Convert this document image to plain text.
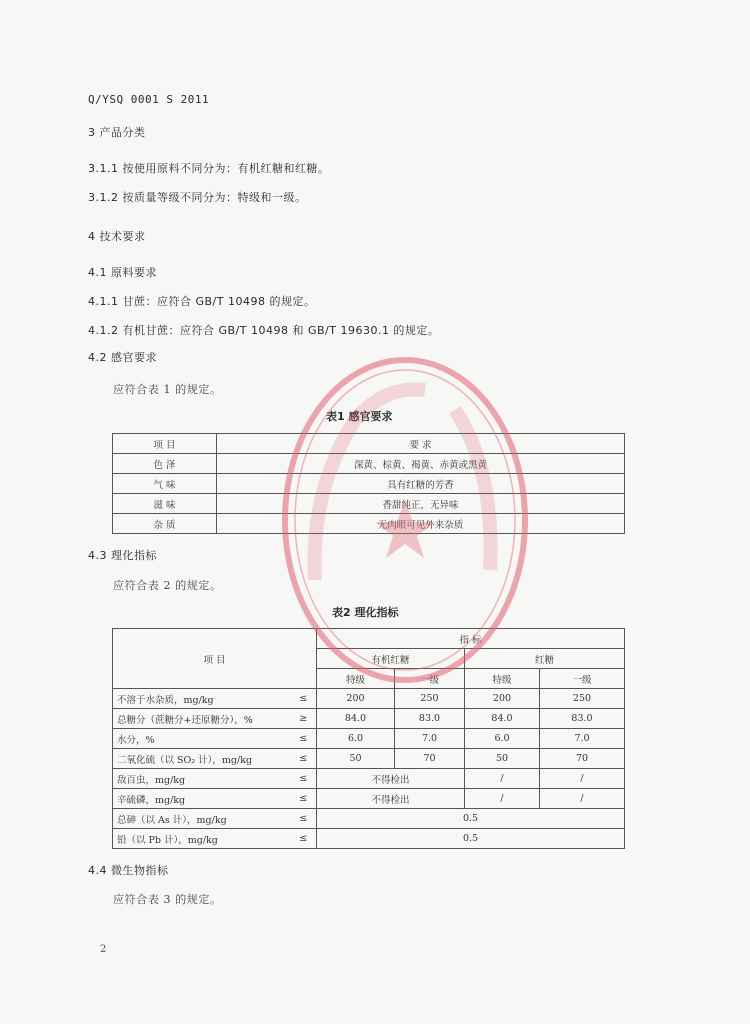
Q/YSQ 0001 S 2011
3 产品分类
3.1.1 按使用原料不同分为：有机红糖和红糖。
3.1.2 按质量等级不同分为：特级和一级。
4 技术要求
4.1 原料要求
4.1.1 甘蔗：应符合 GB/T 10498 的规定。
4.1.2 有机甘蔗：应符合 GB/T 10498 和 GB/T 19630.1 的规定。
4.2 感官要求
应符合表 1 的规定。
表1 感官要求
项 目	要 求
色 泽	深黄、棕黄、褐黄、赤黄或黑黄
气 味	具有红糖的芳香
滋 味	香甜纯正，无异味
杂 质	无肉眼可见外来杂质
4.3 理化指标
应符合表 2 的规定。
表2 理化指标
项 目		指 标			
		有机红糖		红糖	
		特级	一级	特级	一级
不溶于水杂质，mg/kg	≤	200	250	200	250
总糖分（蔗糖分+还原糖分），%	≥	84.0	83.0	84.0	83.0
水分，%	≤	6.0	7.0	6.0	7.0
二氧化硫（以 SO₂ 计），mg/kg	≤	50	70	50	70
敌百虫，mg/kg	≤	不得检出		/	/
辛硫磷，mg/kg	≤	不得检出		/	/
总砷（以 As 计），mg/kg	≤	0.5			
铅（以 Pb 计），mg/kg	≤	0.5			
4.4 微生物指标
应符合表 3 的规定。
2
